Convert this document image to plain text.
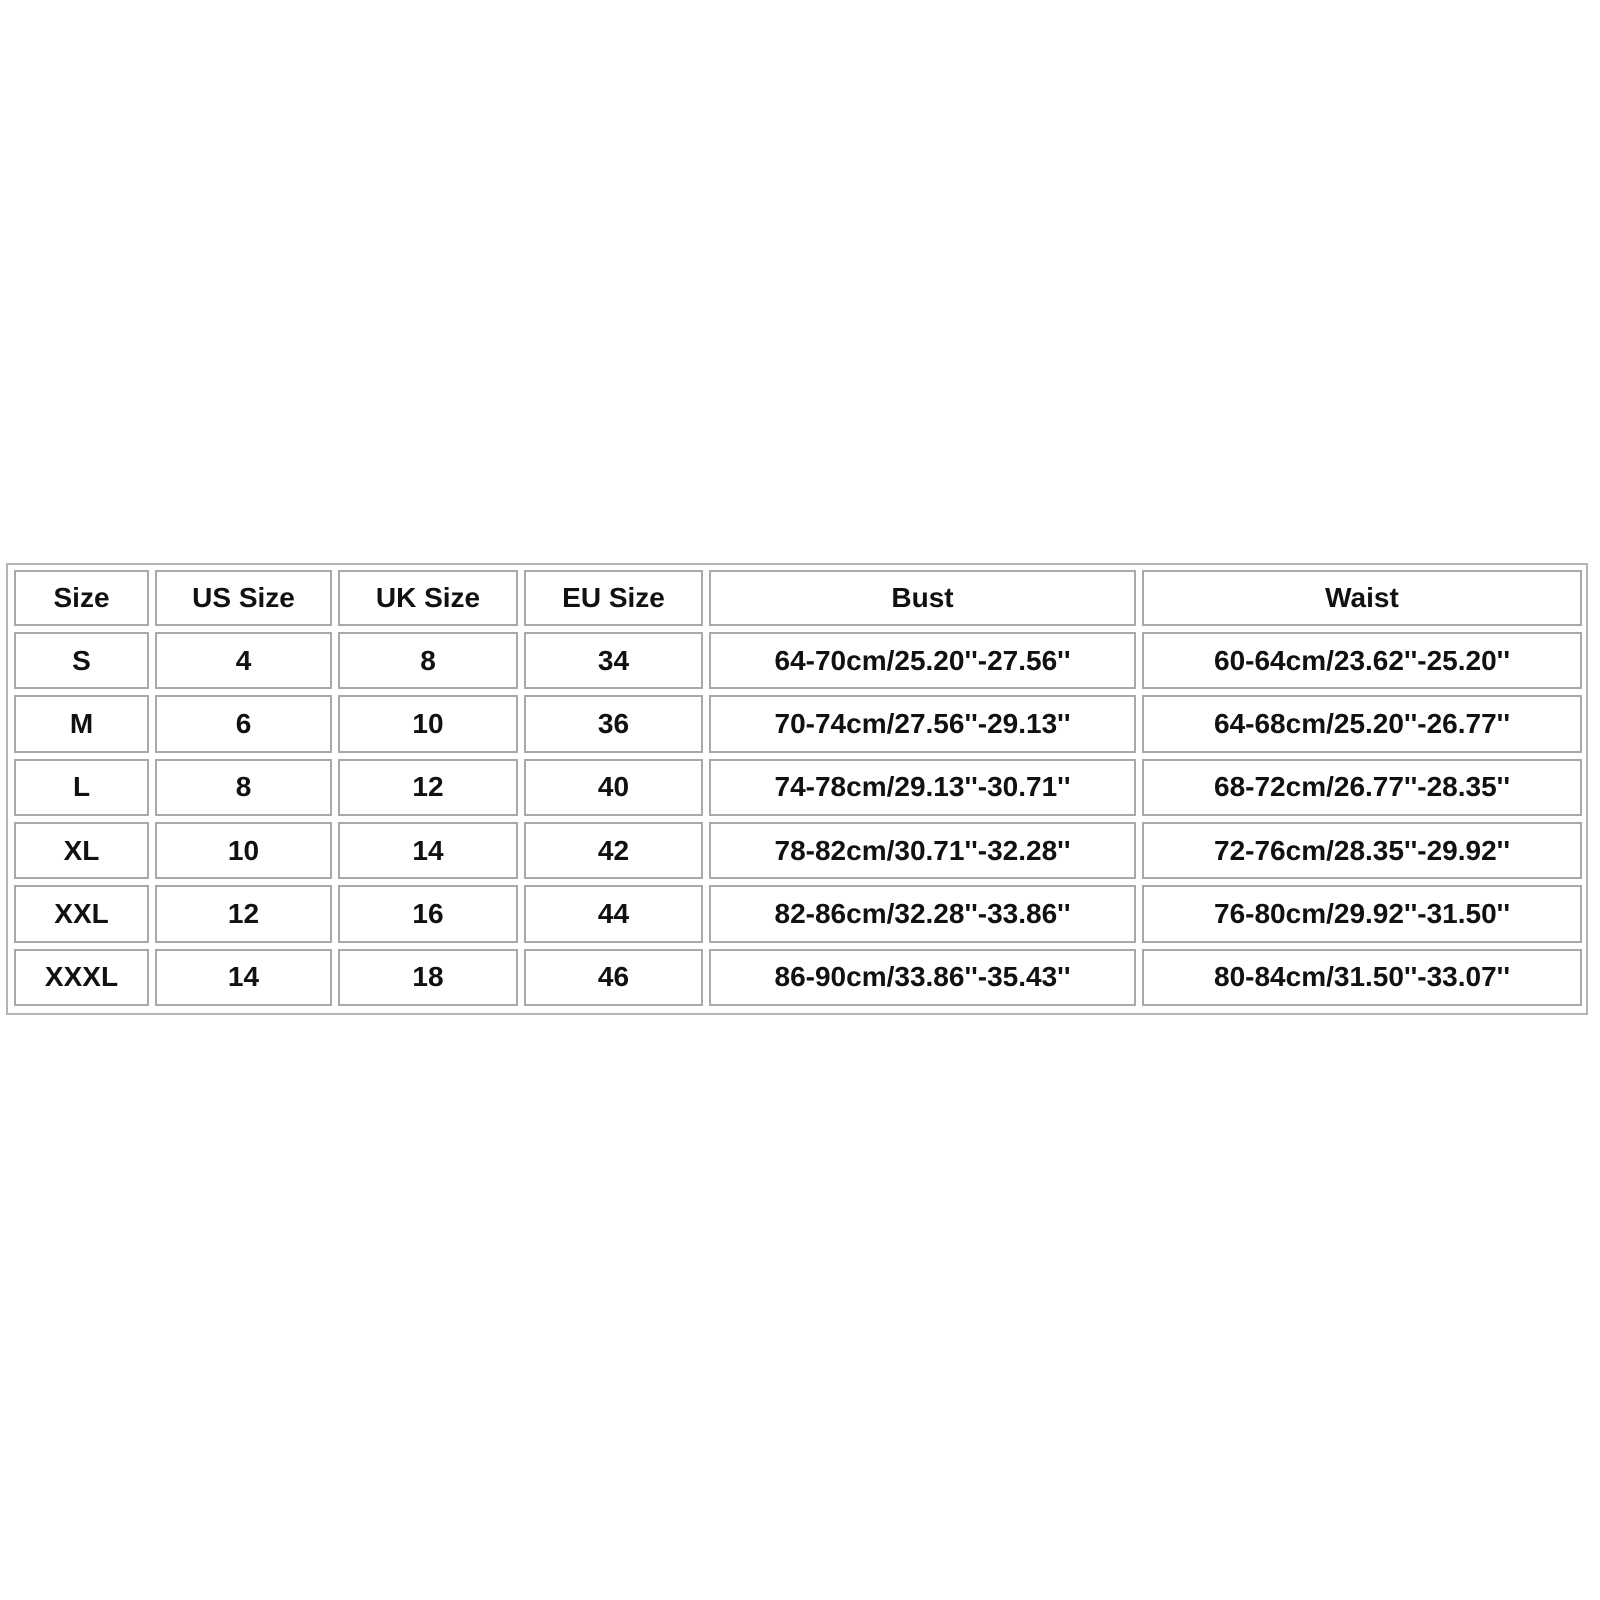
Size	US Size	UK Size	EU Size	Bust	Waist
S	4	8	34	64-70cm/25.20''-27.56''	60-64cm/23.62''-25.20''
M	6	10	36	70-74cm/27.56''-29.13''	64-68cm/25.20''-26.77''
L	8	12	40	74-78cm/29.13''-30.71''	68-72cm/26.77''-28.35''
XL	10	14	42	78-82cm/30.71''-32.28''	72-76cm/28.35''-29.92''
XXL	12	16	44	82-86cm/32.28''-33.86''	76-80cm/29.92''-31.50''
XXXL	14	18	46	86-90cm/33.86''-35.43''	80-84cm/31.50''-33.07''
